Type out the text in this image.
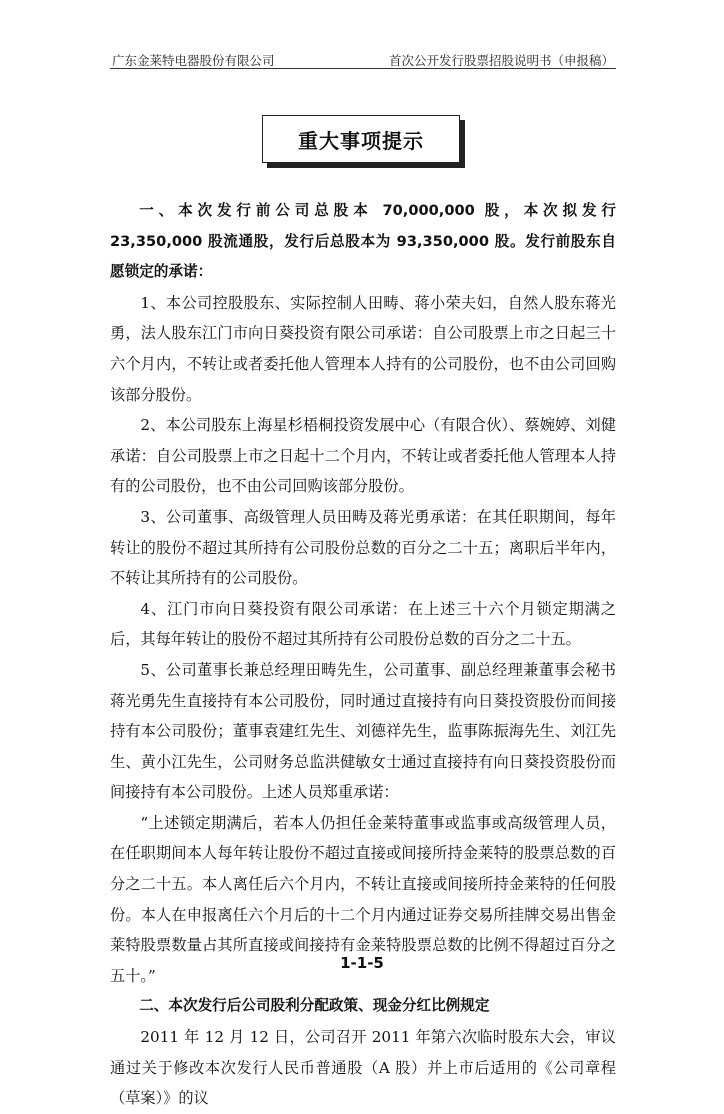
广东金莱特电器股份有限公司	首次公开发行股票招股说明书（申报稿）
重大事项提示

一、本次发行前公司总股本 70,000,000 股，本次拟发行 23,350,000 股流通股，发行后总股本为 93,350,000 股。发行前股东自愿锁定的承诺：

1、本公司控股股东、实际控制人田畴、蒋小荣夫妇，自然人股东蒋光勇，法人股东江门市向日葵投资有限公司承诺：自公司股票上市之日起三十六个月内，不转让或者委托他人管理本人持有的公司股份，也不由公司回购该部分股份。

2、本公司股东上海星杉梧桐投资发展中心（有限合伙）、蔡婉婷、刘健承诺：自公司股票上市之日起十二个月内，不转让或者委托他人管理本人持有的公司股份，也不由公司回购该部分股份。

3、公司董事、高级管理人员田畴及蒋光勇承诺：在其任职期间，每年转让的股份不超过其所持有公司股份总数的百分之二十五；离职后半年内，不转让其所持有的公司股份。

4、江门市向日葵投资有限公司承诺：在上述三十六个月锁定期满之后，其每年转让的股份不超过其所持有公司股份总数的百分之二十五。

5、公司董事长兼总经理田畴先生，公司董事、副总经理兼董事会秘书蒋光勇先生直接持有本公司股份，同时通过直接持有向日葵投资股份而间接持有本公司股份；董事袁建红先生、刘德祥先生，监事陈振海先生、刘江先生、黄小江先生，公司财务总监洪健敏女士通过直接持有向日葵投资股份而间接持有本公司股份。上述人员郑重承诺：

“上述锁定期满后，若本人仍担任金莱特董事或监事或高级管理人员，在任职期间本人每年转让股份不超过直接或间接所持金莱特的股票总数的百分之二十五。本人离任后六个月内，不转让直接或间接所持金莱特的任何股份。本人在申报离任六个月后的十二个月内通过证券交易所挂牌交易出售金莱特股票数量占其所直接或间接持有金莱特股票总数的比例不得超过百分之五十。”

二、本次发行后公司股利分配政策、现金分红比例规定

2011 年 12 月 12 日，公司召开 2011 年第六次临时股东大会，审议通过关于修改本次发行人民币普通股（A 股）并上市后适用的《公司章程（草案）》的议

1-1-5
